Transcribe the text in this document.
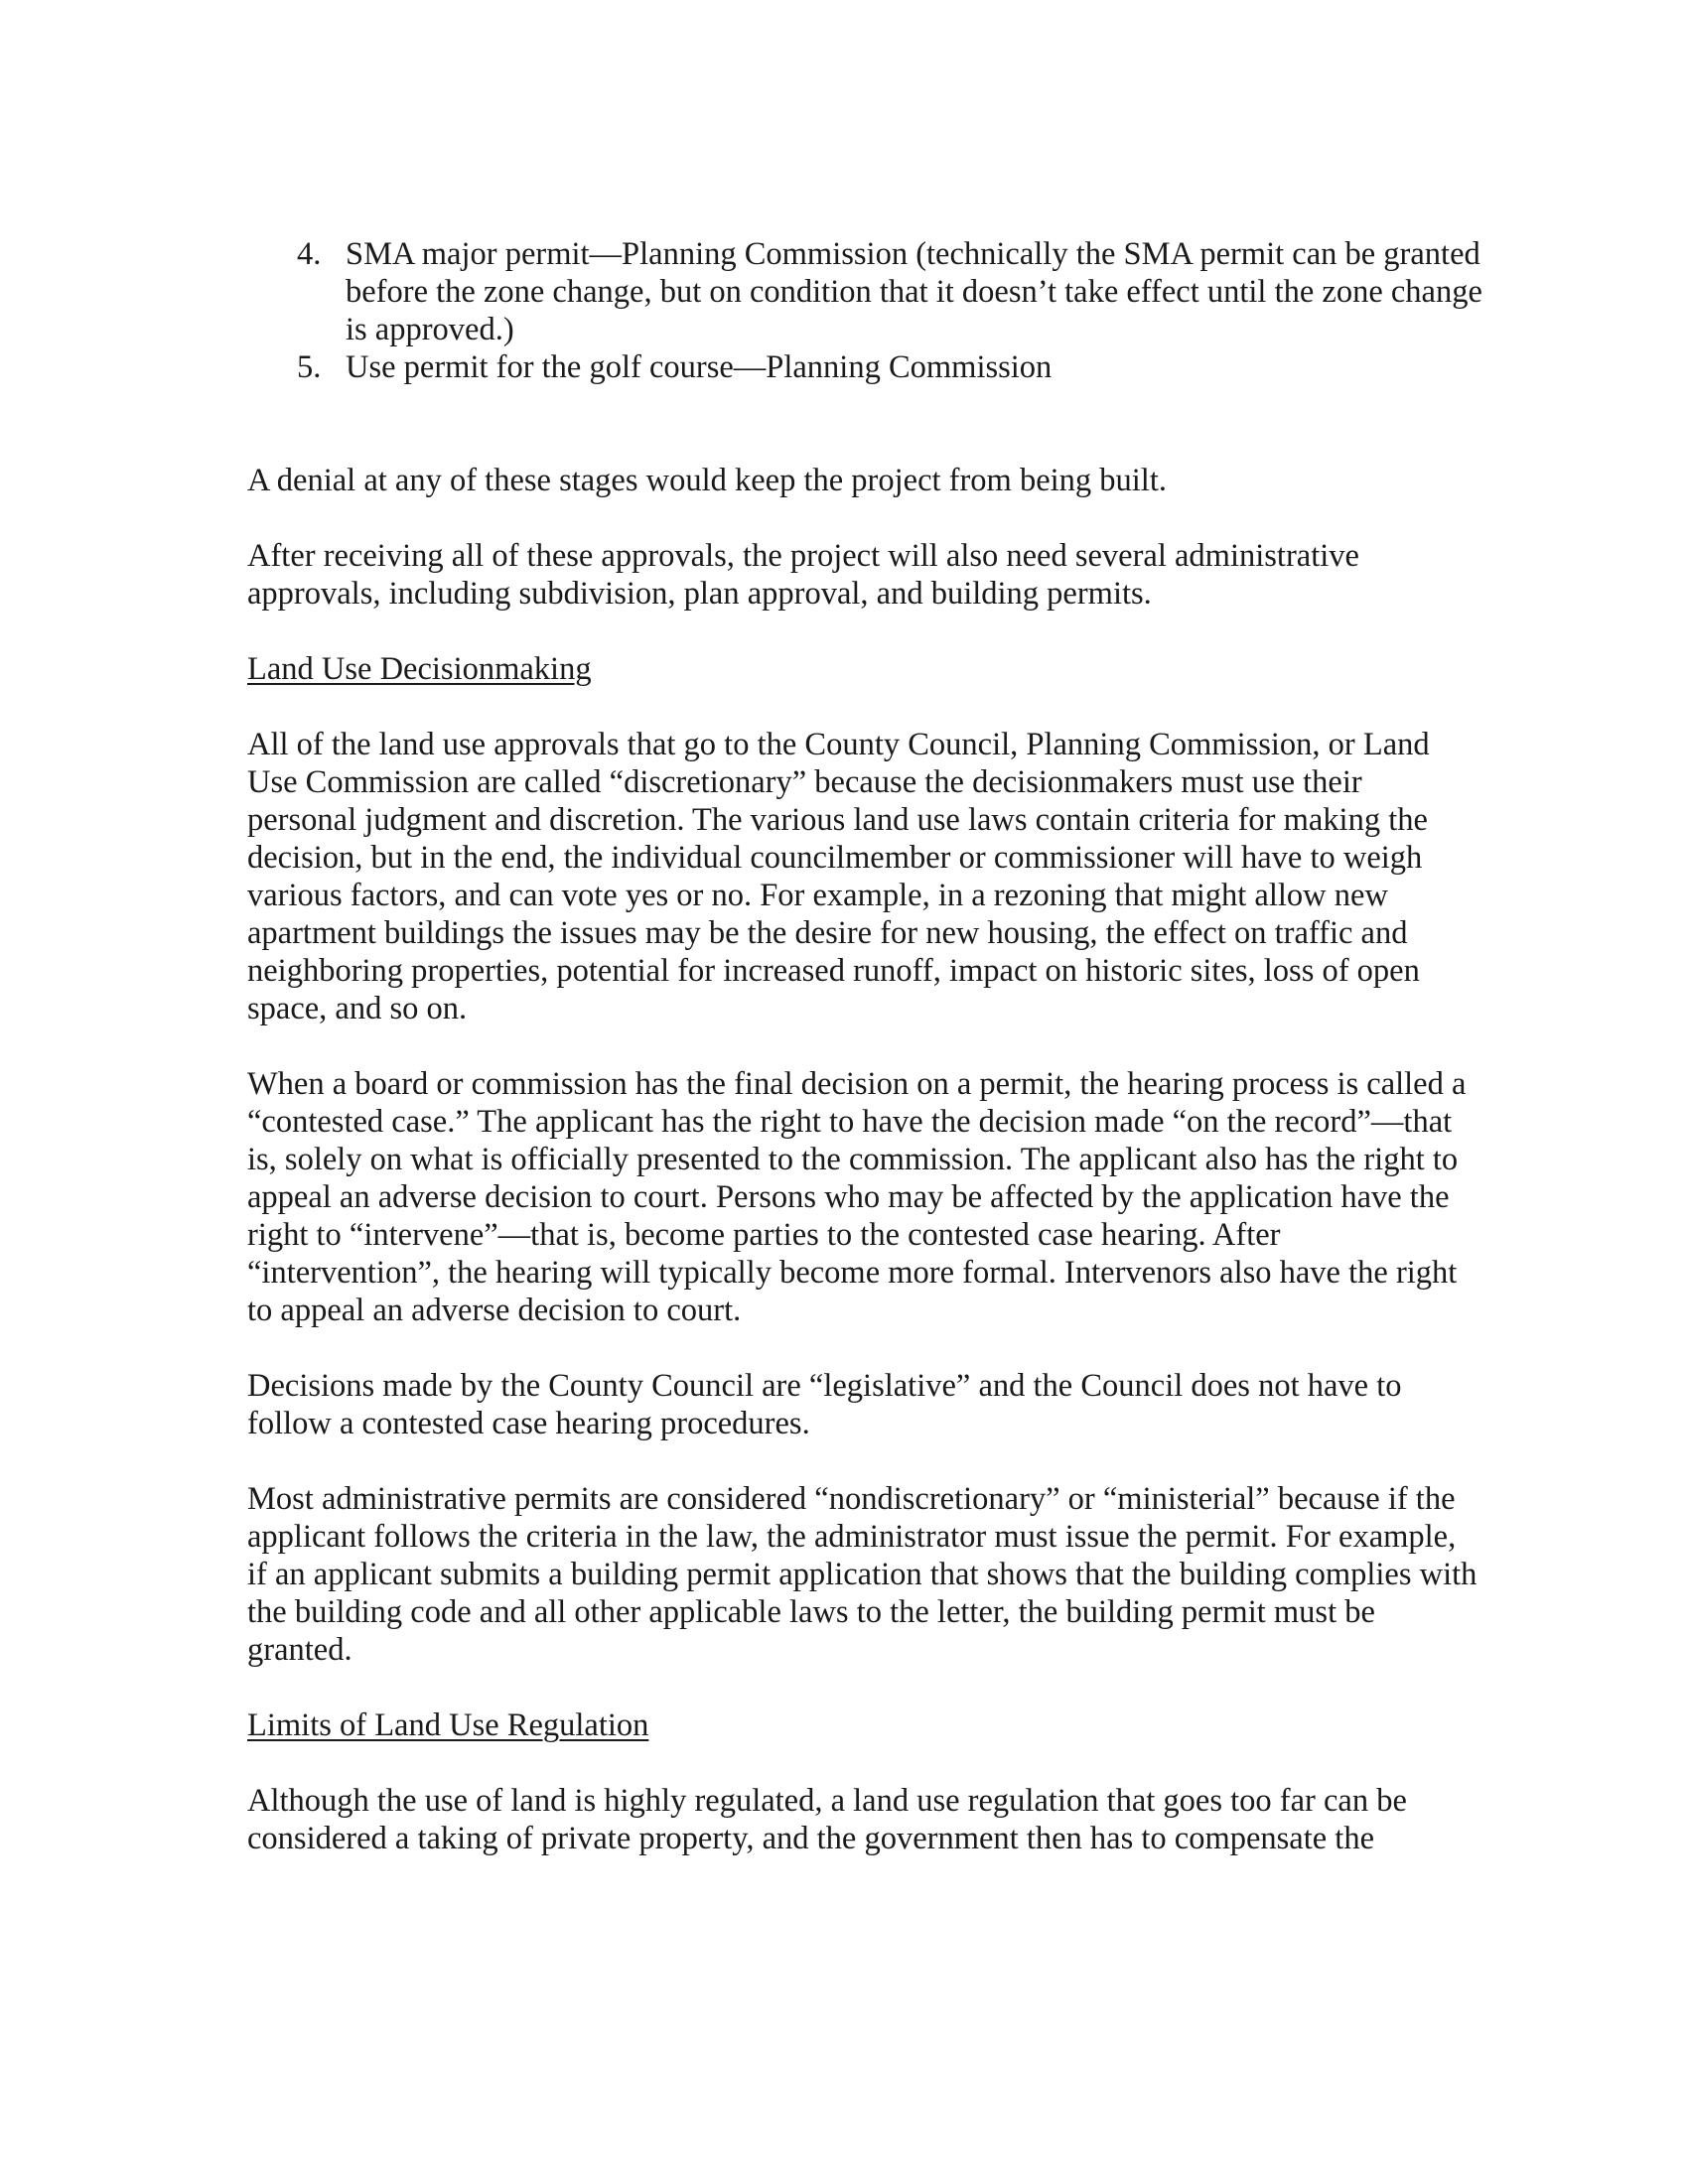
4. SMA major permit—Planning Commission (technically the SMA permit can be granted before the zone change, but on condition that it doesn’t take effect until the zone change is approved.)
5. Use permit for the golf course—Planning Commission

A denial at any of these stages would keep the project from being built.

After receiving all of these approvals, the project will also need several administrative approvals, including subdivision, plan approval, and building permits.

Land Use Decisionmaking

All of the land use approvals that go to the County Council, Planning Commission, or Land Use Commission are called “discretionary” because the decisionmakers must use their personal judgment and discretion. The various land use laws contain criteria for making the decision, but in the end, the individual councilmember or commissioner will have to weigh various factors, and can vote yes or no. For example, in a rezoning that might allow new apartment buildings the issues may be the desire for new housing, the effect on traffic and neighboring properties, potential for increased runoff, impact on historic sites, loss of open space, and so on.

When a board or commission has the final decision on a permit, the hearing process is called a “contested case.” The applicant has the right to have the decision made “on the record”—that is, solely on what is officially presented to the commission. The applicant also has the right to appeal an adverse decision to court. Persons who may be affected by the application have the right to “intervene”—that is, become parties to the contested case hearing. After “intervention”, the hearing will typically become more formal. Intervenors also have the right to appeal an adverse decision to court.

Decisions made by the County Council are “legislative” and the Council does not have to follow a contested case hearing procedures.

Most administrative permits are considered “nondiscretionary” or “ministerial” because if the applicant follows the criteria in the law, the administrator must issue the permit. For example, if an applicant submits a building permit application that shows that the building complies with the building code and all other applicable laws to the letter, the building permit must be granted.

Limits of Land Use Regulation

Although the use of land is highly regulated, a land use regulation that goes too far can be considered a taking of private property, and the government then has to compensate the
